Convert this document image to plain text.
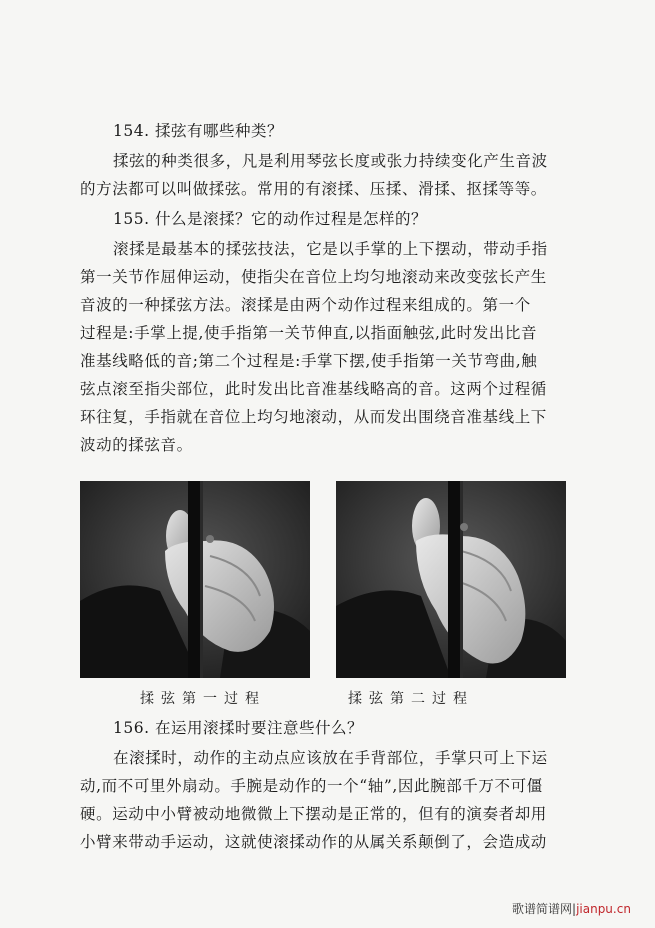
154. 揉弦有哪些种类？
揉弦的种类很多，凡是利用琴弦长度或张力持续变化产生音波
的方法都可以叫做揉弦。常用的有滚揉、压揉、滑揉、抠揉等等。
155. 什么是滚揉？它的动作过程是怎样的？
滚揉是最基本的揉弦技法，它是以手掌的上下摆动，带动手指
第一关节作屈伸运动，使指尖在音位上均匀地滚动来改变弦长产生
音波的一种揉弦方法。滚揉是由两个动作过程来组成的。第一个
过程是:手掌上提,使手指第一关节伸直,以指面触弦,此时发出比音
准基线略低的音;第二个过程是:手掌下摆,使手指第一关节弯曲,触
弦点滚至指尖部位，此时发出比音准基线略高的音。这两个过程循
环往复，手指就在音位上均匀地滚动，从而发出围绕音准基线上下
波动的揉弦音。
揉弦第一过程	揉弦第二过程
156. 在运用滚揉时要注意些什么？
在滚揉时，动作的主动点应该放在手背部位，手掌只可上下运
动,而不可里外扇动。手腕是动作的一个“轴”,因此腕部千万不可僵
硬。运动中小臂被动地微微上下摆动是正常的，但有的演奏者却用
小臂来带动手运动，这就使滚揉动作的从属关系颠倒了，会造成动
歌谱简谱网|jianpu.cn
